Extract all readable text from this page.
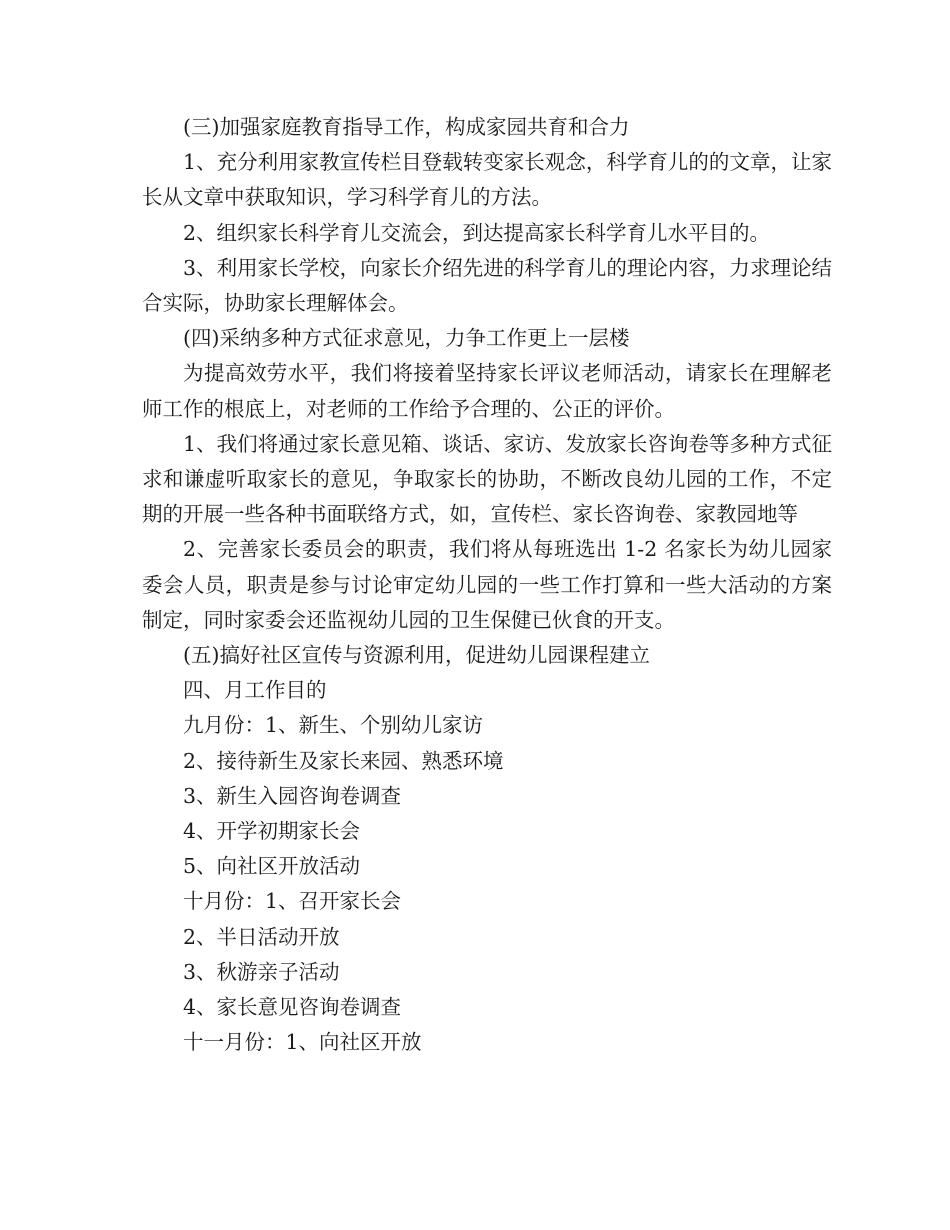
(三)加强家庭教育指导工作，构成家园共育和合力

1、充分利用家教宣传栏目登载转变家长观念，科学育儿的的文章，让家长从文章中获取知识，学习科学育儿的方法。

2、组织家长科学育儿交流会，到达提高家长科学育儿水平目的。

3、利用家长学校，向家长介绍先进的科学育儿的理论内容，力求理论结合实际，协助家长理解体会。

(四)采纳多种方式征求意见，力争工作更上一层楼

为提高效劳水平，我们将接着坚持家长评议老师活动，请家长在理解老师工作的根底上，对老师的工作给予合理的、公正的评价。

1、我们将通过家长意见箱、谈话、家访、发放家长咨询卷等多种方式征求和谦虚听取家长的意见，争取家长的协助，不断改良幼儿园的工作，不定期的开展一些各种书面联络方式，如，宣传栏、家长咨询卷、家教园地等

2、完善家长委员会的职责，我们将从每班选出 1-2 名家长为幼儿园家委会人员，职责是参与讨论审定幼儿园的一些工作打算和一些大活动的方案制定，同时家委会还监视幼儿园的卫生保健已伙食的开支。

(五)搞好社区宣传与资源利用，促进幼儿园课程建立

四、月工作目的

九月份：1、新生、个别幼儿家访

2、接待新生及家长来园、熟悉环境

3、新生入园咨询卷调查

4、开学初期家长会

5、向社区开放活动

十月份：1、召开家长会

2、半日活动开放

3、秋游亲子活动

4、家长意见咨询卷调查

十一月份：1、向社区开放
